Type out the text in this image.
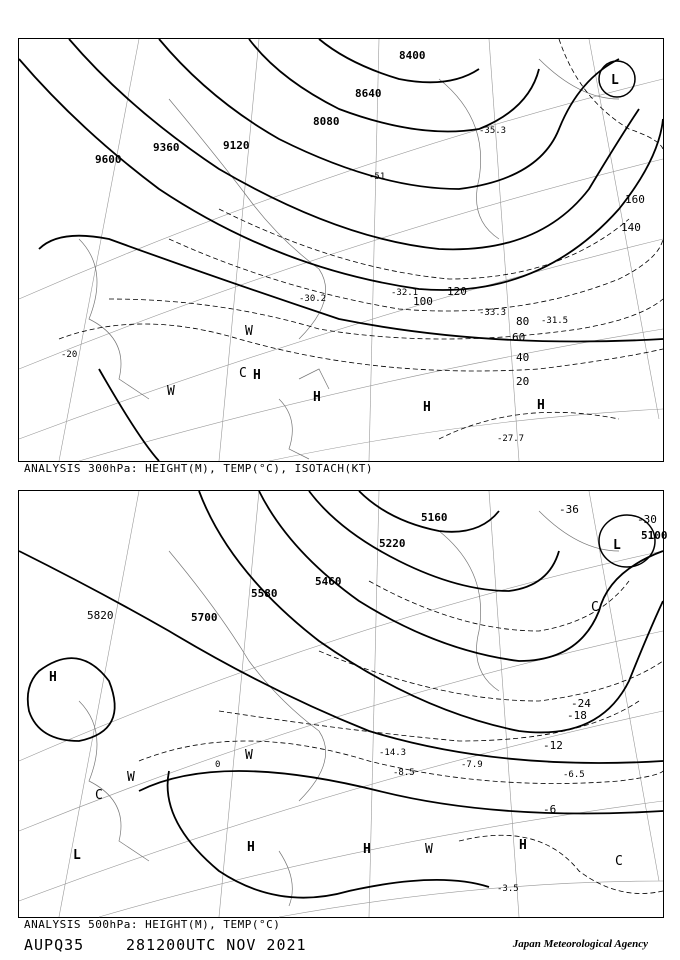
9600
9360	9120
8640
8400
8080
20
40
60
80
100
120
140
160
-20
-51
-27.7
-33.3
-31.5
-30.2
-32.1
-35.3
L
H
H
H	H
C
W
W
ANALYSIS 300hPa: HEIGHT(M), TEMP(°C), ISOTACH(KT)
5820	5700
5580
5460
5220
5100
5160
-36
-30
-24
-18
-12
-6
0
-3.5
-7.9
-6.5
-8.5
-14.3
L
L
H
H	H	H
C
C
C
W
W
W
ANALYSIS 500hPa: HEIGHT(M), TEMP(°C)
AUPQ35	281200UTC NOV 2021	Japan Meteorological Agency
